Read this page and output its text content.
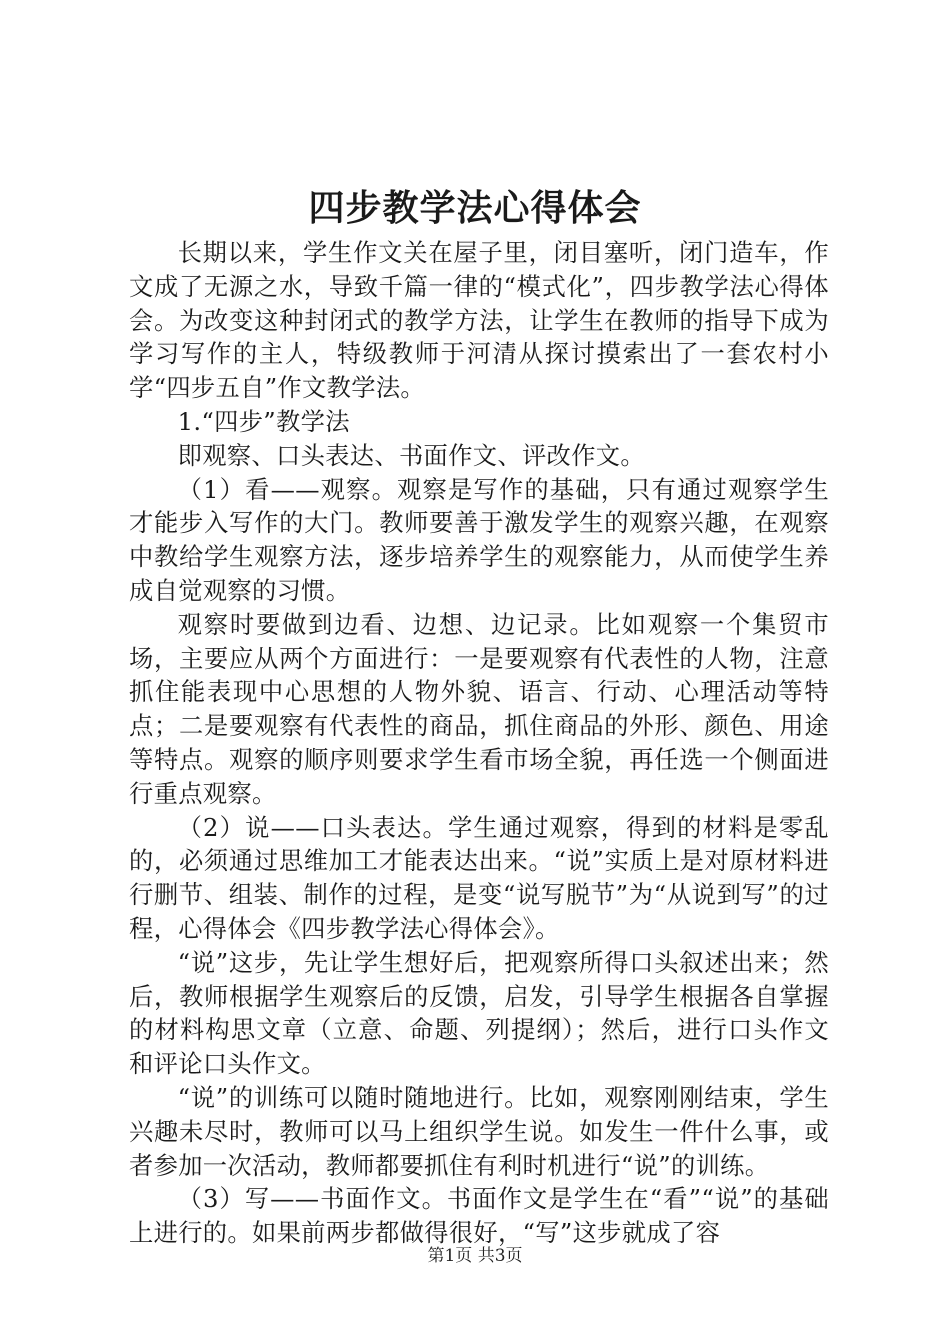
四步教学法心得体会

长期以来，学生作文关在屋子里，闭目塞听，闭门造车，作文成了无源之水，导致千篇一律的“模式化”，四步教学法心得体会。为改变这种封闭式的教学方法，让学生在教师的指导下成为学习写作的主人，特级教师于河清从探讨摸索出了一套农村小学“四步五自”作文教学法。

1.“四步”教学法

即观察、口头表达、书面作文、评改作文。

（1）看——观察。观察是写作的基础，只有通过观察学生才能步入写作的大门。教师要善于激发学生的观察兴趣，在观察中教给学生观察方法，逐步培养学生的观察能力，从而使学生养成自觉观察的习惯。

观察时要做到边看、边想、边记录。比如观察一个集贸市场，主要应从两个方面进行：一是要观察有代表性的人物，注意抓住能表现中心思想的人物外貌、语言、行动、心理活动等特点；二是要观察有代表性的商品，抓住商品的外形、颜色、用途等特点。观察的顺序则要求学生看市场全貌，再任选一个侧面进行重点观察。

（2）说——口头表达。学生通过观察，得到的材料是零乱的，必须通过思维加工才能表达出来。“说”实质上是对原材料进行删节、组装、制作的过程，是变“说写脱节”为“从说到写”的过程，心得体会《四步教学法心得体会》。

“说”这步，先让学生想好后，把观察所得口头叙述出来；然后，教师根据学生观察后的反馈，启发，引导学生根据各自掌握的材料构思文章（立意、命题、列提纲）；然后，进行口头作文和评论口头作文。

“说”的训练可以随时随地进行。比如，观察刚刚结束，学生兴趣未尽时，教师可以马上组织学生说。如发生一件什么事，或者参加一次活动，教师都要抓住有利时机进行“说”的训练。

（3）写——书面作文。书面作文是学生在“看”“说”的基础上进行的。如果前两步都做得很好，“写”这步就成了容

第1页 共3页
